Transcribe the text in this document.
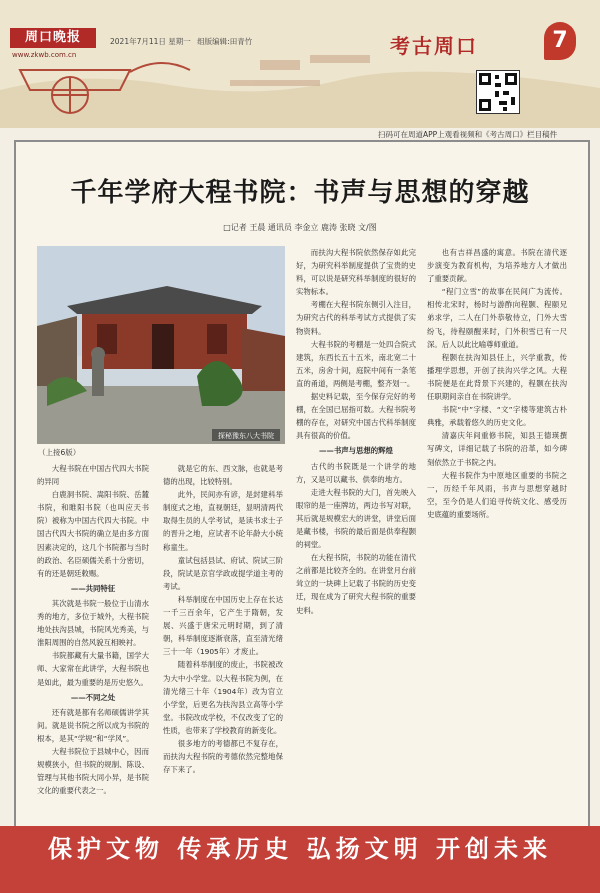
周口晚报
www.zkwb.com.cn
2021年7月11日 星期一 组版编辑:田青竹	考古周口	7
扫码可在周道APP上观看视频和《考古周口》栏目稿件
千年学府大程书院：书声与思想的穿越
□记者 王晨 通讯员 李金立 鹿涛 张晓 文/图
探秘豫东八大书院
（上接6版）

大程书院在中国古代四大书院的异同

白鹿洞书院、嵩阳书院、岳麓书院，和睢阳书院（也叫应天书院）被称为中国古代四大书院。中国古代四大书院的确立是由多方面因素决定的，这几个书院都与当时的政治、名臣硕儒关系十分密切，有的还是朝廷敕赐。

——共同特征

其次就是书院一般位于山清水秀的地方，多位于城外，大程书院地处扶沟县城，书院风光秀美，与淮阳周围的自然风貌互相映衬。

书院都藏有大量书籍，国学大师、大家常在此讲学，大程书院也是如此，最为重要的是历史悠久。

——不同之处

还有就是都有名师硕儒讲学其间。就是说书院之所以成为书院的根本，是其“学规”和“学风”。

大程书院位于县城中心，因而规模狭小，但书院的规制、陈设、管理与其他书院大同小异，是书院文化的重要代表之一。

就是它的东、西文脉，也就是考德的出现，比较特别。

此外，民间亦有谚，是封建科举制度式之地，直视朝廷，显明清两代取得生员的人学考试，是读书求士子的晋升之地，应试者不论年龄大小统称童生。

童试包括县试、府试、院试三阶段，院试是京官学政或提学道主考的考试。

科举制度在中国历史上存在长达一千三百余年，它产生于隋朝，发展、兴盛于唐宋元明时期，到了清朝，科举制度逐渐衰落，直至清光绪三十一年（1905年）才废止。

随着科举制度的废止，书院被改为大中小学堂。以大程书院为例，在清光绪三十年（1904年）改为官立小学堂，后更名为扶沟县立高等小学堂。书院改成学校，不仅改变了它的性质，也带来了学校教育的新变化。

很多地方的考德都已不复存在，而扶沟大程书院的考德依然完整地保存下来了。

而扶沟大程书院依然保存如此完好，为研究科举制度提供了宝贵的史料，可以说是研究科举制度的很好的实物标本。

考棚在大程书院东侧引入注目，为研究古代的科举考试方式提供了实物资料。

大程书院的考棚是一处四合院式建筑，东西长五十五米，南北宽二十五米，房舍十间，庭院中间有一条笔直的甬道，两侧是考棚，整齐划一。

据史料记载，至今保存完好的考棚，在全国已屈指可数。大程书院考棚的存在，对研究中国古代科举制度具有很高的价值。

——书声与思想的辉煌

古代的书院既是一个讲学的地方，又是可以藏书、供奉的地方。

走进大程书院的大门，首先映入眼帘的是一座牌坊，两边书写对联，其后就是规模宏大的讲堂，讲堂后面是藏书楼，书院的最后面是供奉程颢的祠堂。

在大程书院，书院的功能在清代之前都是比较齐全的。在讲堂月台前耸立的一块碑上记载了书院的历史变迁，现在成为了研究大程书院的重要史料。

也有吉祥昌盛的寓意。书院在清代逐步演变为教育机构，为培养地方人才做出了重要贡献。

“程门立雪”的故事在民间广为流传。相传北宋时，杨时与游酢向程颢、程颐兄弟求学，二人在门外恭敬侍立，门外大雪纷飞，待程颐醒来时，门外积雪已有一尺深。后人以此比喻尊师重道。

程颢在扶沟知县任上，兴学重教，传播理学思想，开创了扶沟兴学之风。大程书院便是在此背景下兴建的，程颢在扶沟任职期间亲自在书院讲学。

书院“中”字楼、“文”字楼等建筑古朴典雅，承载着悠久的历史文化。

清嘉庆年间重修书院，知县王德瑛撰写碑文，详细记载了书院的沿革，如今碑刻依然立于书院之内。

大程书院作为中原地区重要的书院之一，历经千年风雨，书声与思想穿越时空，至今仍是人们追寻传统文化、感受历史底蕴的重要场所。

保护文物 传承历史 弘扬文明 开创未来
